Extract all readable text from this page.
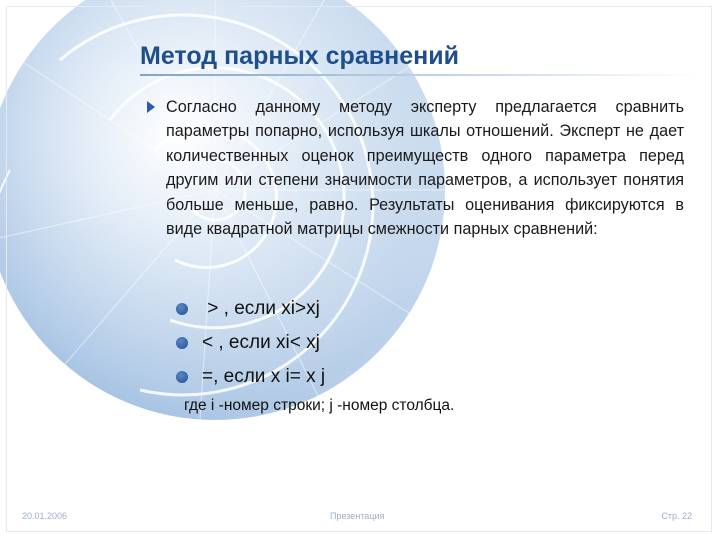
Метод парных сравнений

Согласно данному методу эксперту предлагается сравнить параметры попарно, используя шкалы отношений. Эксперт не дает количественных оценок преимуществ одного параметра перед другим или степени значимости параметров, а использует понятия больше меньше, равно. Результаты оценивания фиксируются в виде квадратной матрицы смежности парных сравнений:

> , если xi>xj
< , если xi< xj
=, если x i= x j

где i -номер строки; j -номер столбца.

20.01.2006	Презентация	Стр. 22
